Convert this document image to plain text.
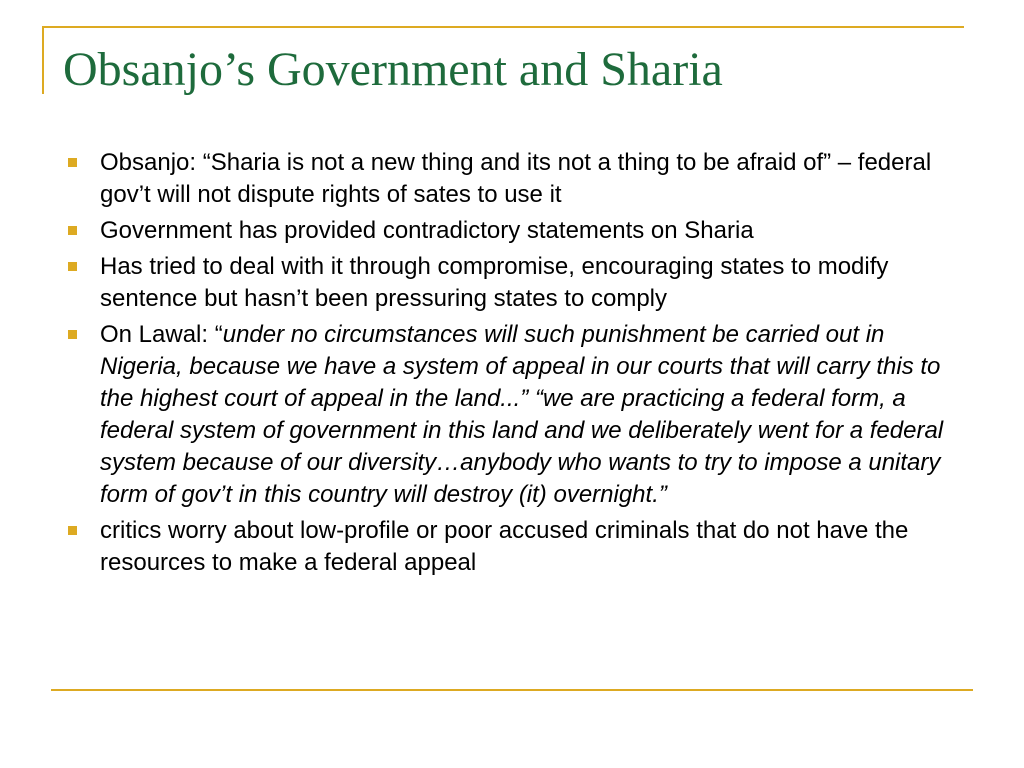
Obsanjo’s Government and Sharia
Obsanjo: “Sharia is not a new thing and its not a thing to be afraid of” – federal gov’t will not dispute rights of sates to use it
Government has provided contradictory statements on Sharia
Has tried to deal with it through compromise, encouraging states to modify sentence but hasn’t been pressuring states to comply
On Lawal: “under no circumstances will such punishment be carried out in Nigeria, because we have a system of appeal in our courts that will carry this to the highest court of appeal in the land...” “we are practicing a federal form, a federal system of government in this land and we deliberately went for a federal system because of our diversity…anybody who wants to try to impose a unitary form of gov’t in this country will destroy (it) overnight.”
critics worry about low-profile or poor accused criminals that do not have the resources to make a federal appeal
